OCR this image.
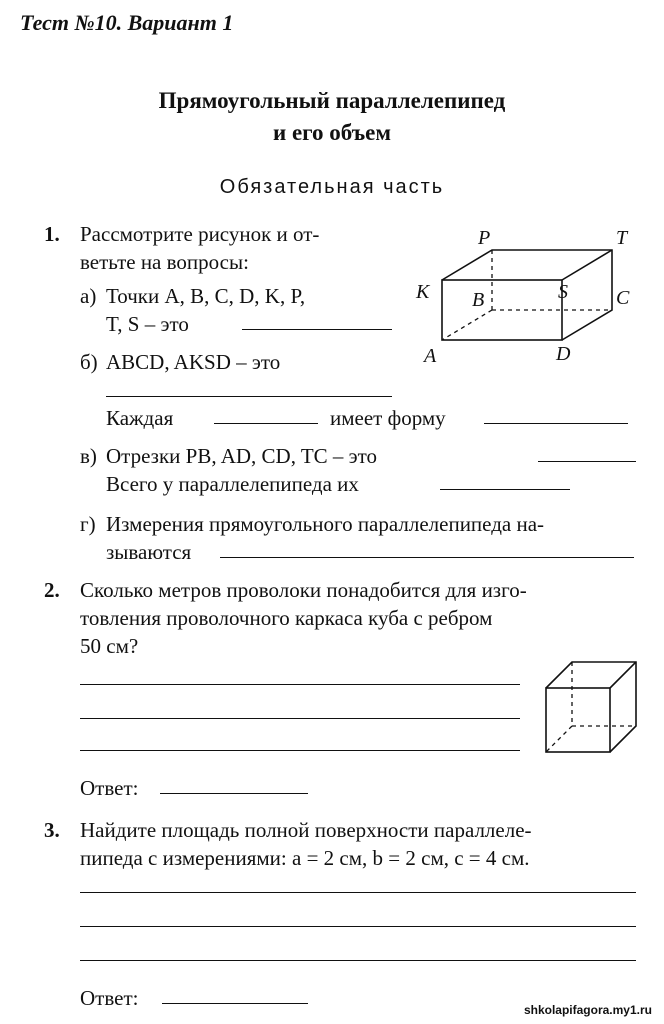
Тест №10. Вариант 1
Прямоугольный параллелепипед
и его объем
Обязательная часть
1. Рассмотрите рисунок и от-
ветьте на вопросы:
а) Точки A, B, C, D, K, P,
T, S – это
б) ABCD, AKSD – это
Каждая	имеет форму
в) Отрезки PB, AD, CD, TC – это
Всего у параллелепипеда их
г) Измерения прямоугольного параллелепипеда на-
зываются
P	T
K B	S C
A	D
2. Сколько метров проволоки понадобится для изго-
товления проволочного каркаса куба с ребром
50 см?
Ответ:
3. Найдите площадь полной поверхности параллеле-
пипеда с измерениями: a = 2 см, b = 2 см, c = 4 см.
Ответ:	shkolapifagora.my1.ru
